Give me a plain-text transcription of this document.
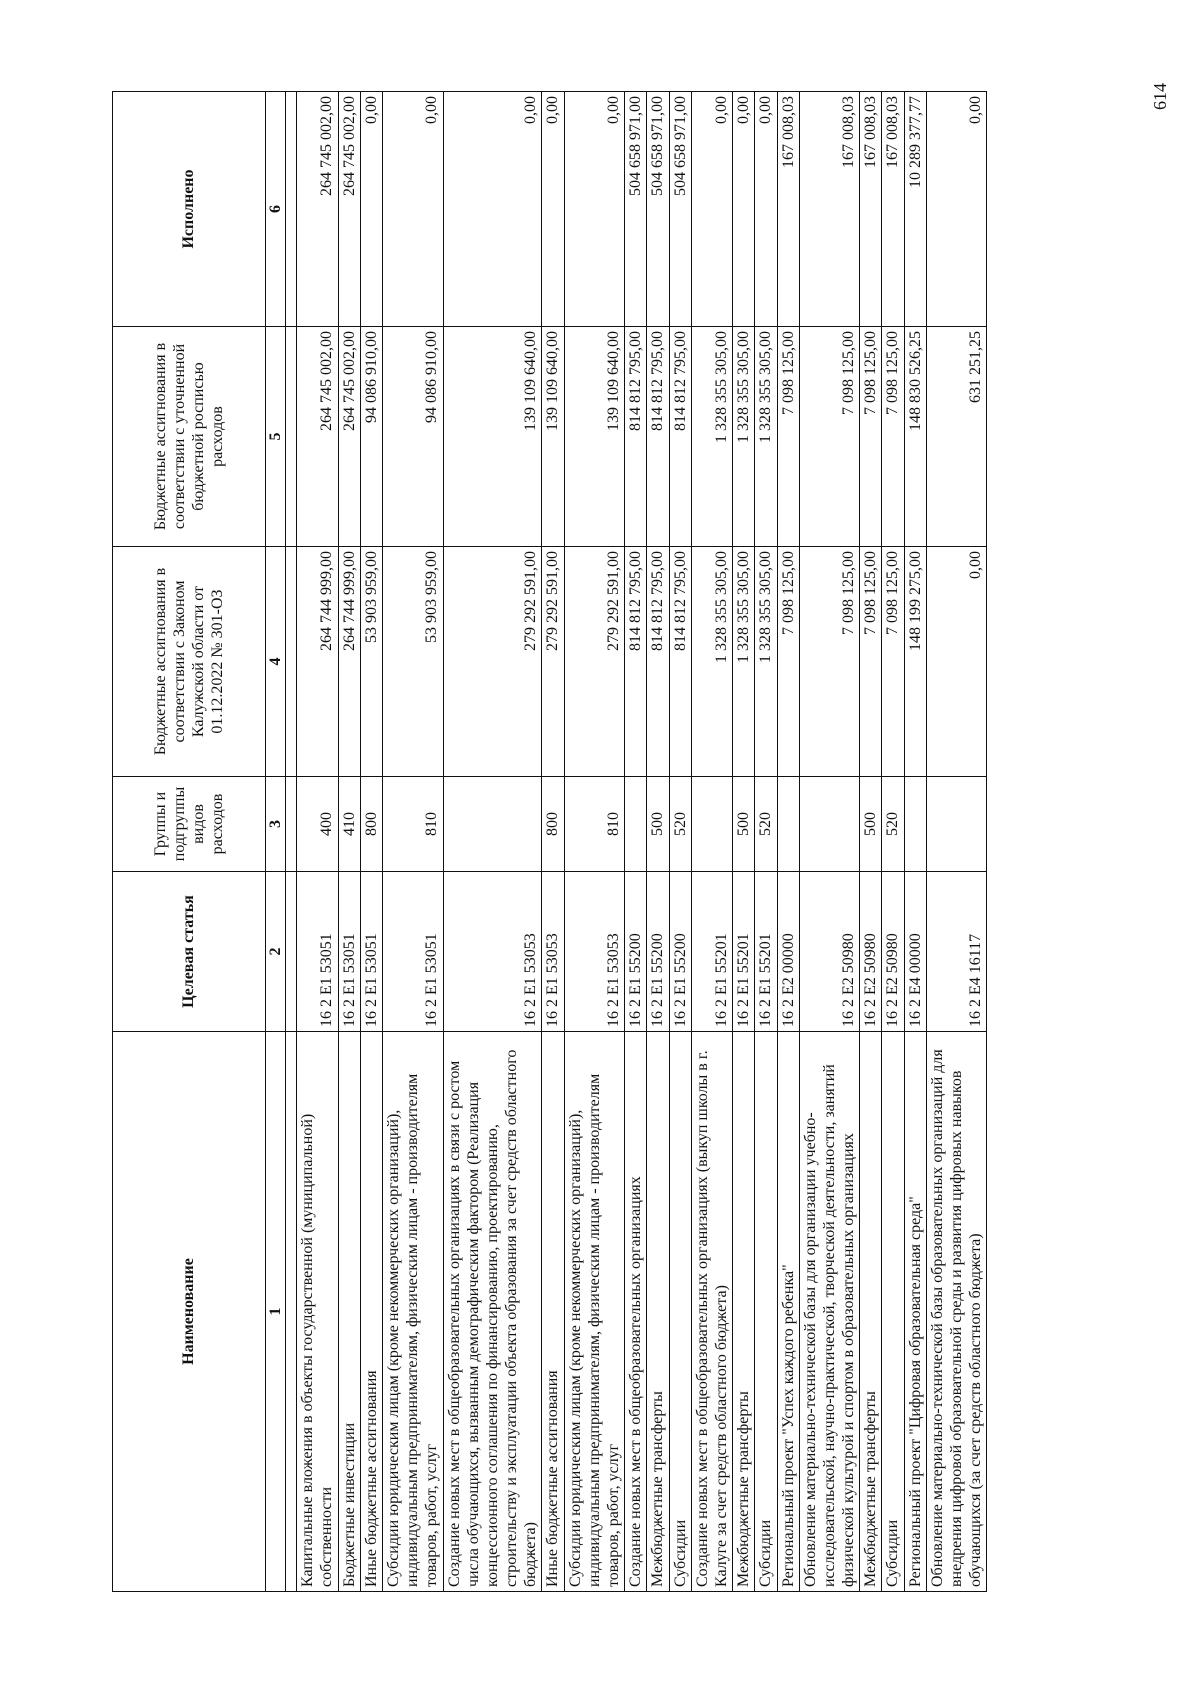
614
Наименование	Целевая статья	Группы и подгруппы видов расходов	Бюджетные ассигнования в соответствии с Законом Калужской области от 01.12.2022 № 301-ОЗ	Бюджетные ассигнования в соответствии с уточненной бюджетной росписью расходов	Исполнено
1	2	3	4	5	6

Капитальные вложения в объекты государственной (муниципальной) собственности	16 2 E1 53051	400	264 744 999,00	264 745 002,00	264 745 002,00
Бюджетные инвестиции	16 2 E1 53051	410	264 744 999,00	264 745 002,00	264 745 002,00
Иные бюджетные ассигнования	16 2 E1 53051	800	53 903 959,00	94 086 910,00	0,00
Субсидии юридическим лицам (кроме некоммерческих организаций), индивидуальным предпринимателям, физическим лицам - производителям товаров, работ, услуг	16 2 E1 53051	810	53 903 959,00	94 086 910,00	0,00
Создание новых мест в общеобразовательных организациях в связи с ростом числа обучающихся, вызванным демографическим фактором (Реализация концессионного соглашения по финансированию, проектированию, строительству и эксплуатации объекта образования за счет средств областного бюджета)	16 2 E1 53053		279 292 591,00	139 109 640,00	0,00
Иные бюджетные ассигнования	16 2 E1 53053	800	279 292 591,00	139 109 640,00	0,00
Субсидии юридическим лицам (кроме некоммерческих организаций), индивидуальным предпринимателям, физическим лицам - производителям товаров, работ, услуг	16 2 E1 53053	810	279 292 591,00	139 109 640,00	0,00
Создание новых мест в общеобразовательных организациях	16 2 E1 55200		814 812 795,00	814 812 795,00	504 658 971,00
Межбюджетные трансферты	16 2 E1 55200	500	814 812 795,00	814 812 795,00	504 658 971,00
Субсидии	16 2 E1 55200	520	814 812 795,00	814 812 795,00	504 658 971,00
Создание новых мест в общеобразовательных организациях (выкуп школы в г. Калуге за счет средств областного бюджета)	16 2 E1 55201		1 328 355 305,00	1 328 355 305,00	0,00
Межбюджетные трансферты	16 2 E1 55201	500	1 328 355 305,00	1 328 355 305,00	0,00
Субсидии	16 2 E1 55201	520	1 328 355 305,00	1 328 355 305,00	0,00
Региональный проект "Успех каждого ребенка"	16 2 E2 00000		7 098 125,00	7 098 125,00	167 008,03
Обновление материально-технической базы для организации учебно-исследовательской, научно-практической, творческой деятельности, занятий физической культурой и спортом в образовательных организациях	16 2 E2 50980		7 098 125,00	7 098 125,00	167 008,03
Межбюджетные трансферты	16 2 E2 50980	500	7 098 125,00	7 098 125,00	167 008,03
Субсидии	16 2 E2 50980	520	7 098 125,00	7 098 125,00	167 008,03
Региональный проект "Цифровая образовательная среда"	16 2 E4 00000		148 199 275,00	148 830 526,25	10 289 377,77
Обновление материально-технической базы образовательных организаций для внедрения цифровой образовательной среды и развития цифровых навыков обучающихся (за счет средств областного бюджета)	16 2 E4 16117		0,00	631 251,25	0,00
